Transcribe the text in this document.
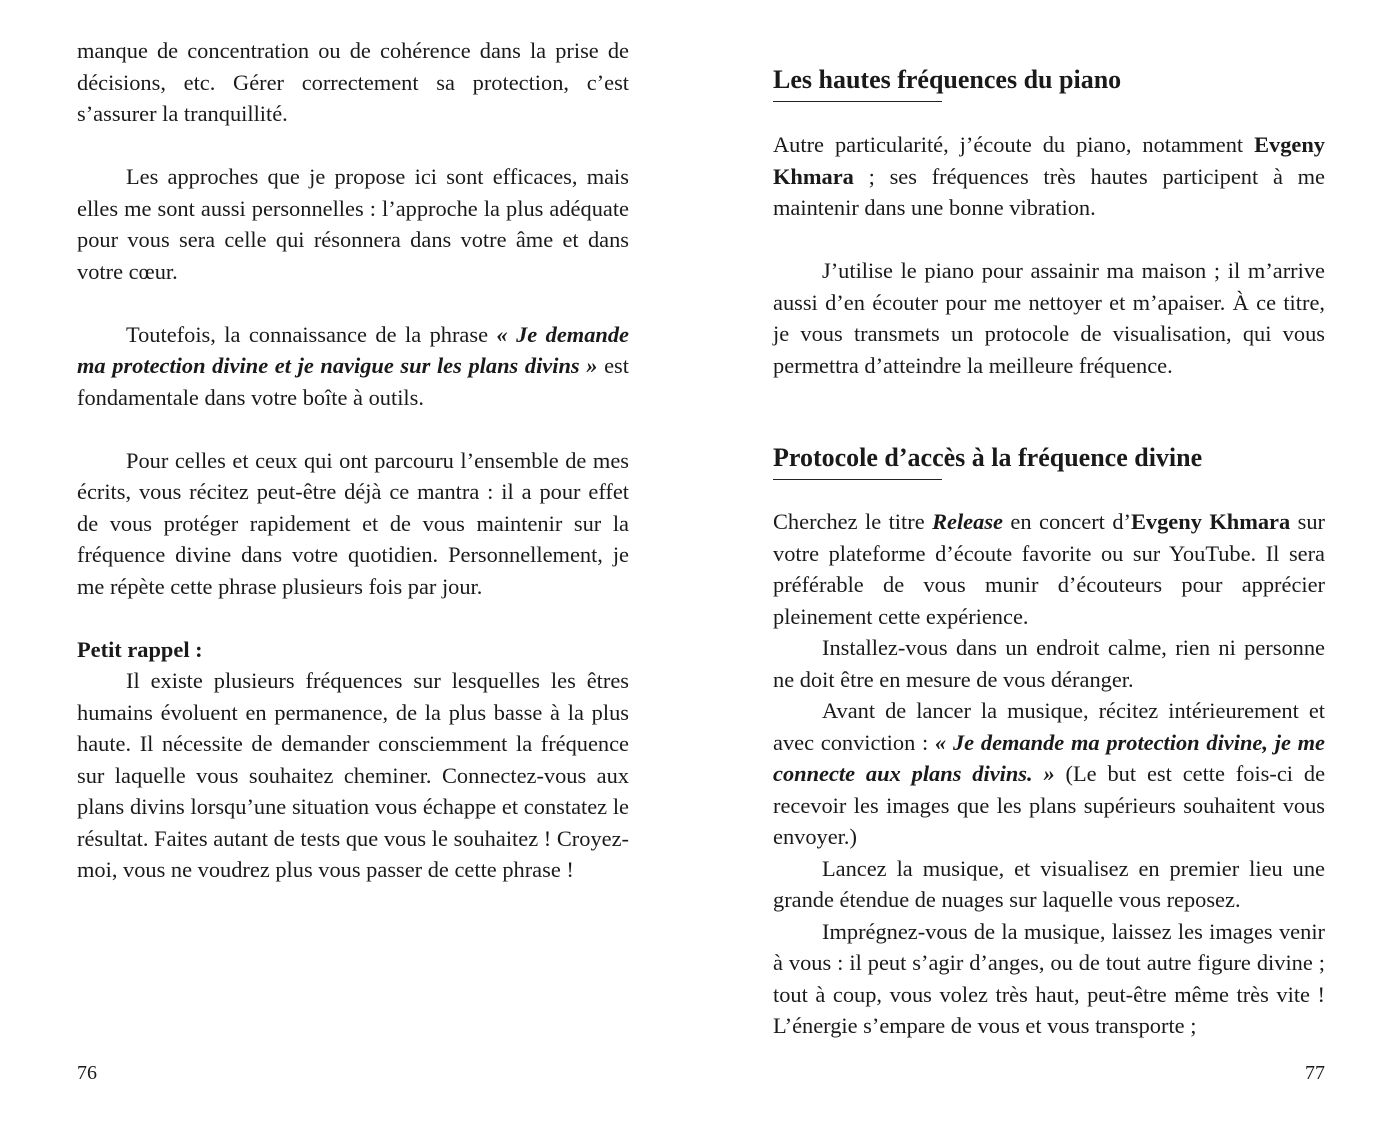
manque de concentration ou de cohérence dans la prise de décisions, etc. Gérer correctement sa protection, c’est s’assurer la tranquillité.

Les approches que je propose ici sont efficaces, mais elles me sont aussi personnelles : l’approche la plus adéquate pour vous sera celle qui résonnera dans votre âme et dans votre cœur.

Toutefois, la connaissance de la phrase « Je demande ma protection divine et je navigue sur les plans divins » est fondamentale dans votre boîte à outils.

Pour celles et ceux qui ont parcouru l’ensemble de mes écrits, vous récitez peut-être déjà ce mantra : il a pour effet de vous protéger rapidement et de vous maintenir sur la fréquence divine dans votre quotidien. Personnellement, je me répète cette phrase plusieurs fois par jour.

Petit rappel :
Il existe plusieurs fréquences sur lesquelles les êtres humains évoluent en permanence, de la plus basse à la plus haute. Il nécessite de demander consciemment la fréquence sur laquelle vous souhaitez cheminer. Connectez-vous aux plans divins lorsqu’une situation vous échappe et constatez le résultat. Faites autant de tests que vous le souhaitez ! Croyez-moi, vous ne voudrez plus vous passer de cette phrase !

76
Les hautes fréquences du piano

Autre particularité, j’écoute du piano, notamment Evgeny Khmara ; ses fréquences très hautes participent à me maintenir dans une bonne vibration.

J’utilise le piano pour assainir ma maison ; il m’arrive aussi d’en écouter pour me nettoyer et m’apaiser. À ce titre, je vous transmets un protocole de visualisation, qui vous permettra d’atteindre la meilleure fréquence.

Protocole d’accès à la fréquence divine

Cherchez le titre Release en concert d’Evgeny Khmara sur votre plateforme d’écoute favorite ou sur YouTube. Il sera préférable de vous munir d’écouteurs pour apprécier pleinement cette expérience.

Installez-vous dans un endroit calme, rien ni personne ne doit être en mesure de vous déranger.

Avant de lancer la musique, récitez intérieurement et avec conviction : « Je demande ma protection divine, je me connecte aux plans divins. » (Le but est cette fois-ci de recevoir les images que les plans supérieurs souhaitent vous envoyer.)

Lancez la musique, et visualisez en premier lieu une grande étendue de nuages sur laquelle vous reposez.

Imprégnez-vous de la musique, laissez les images venir à vous : il peut s’agir d’anges, ou de tout autre figure divine ; tout à coup, vous volez très haut, peut-être même très vite ! L’énergie s’empare de vous et vous transporte ;

77
